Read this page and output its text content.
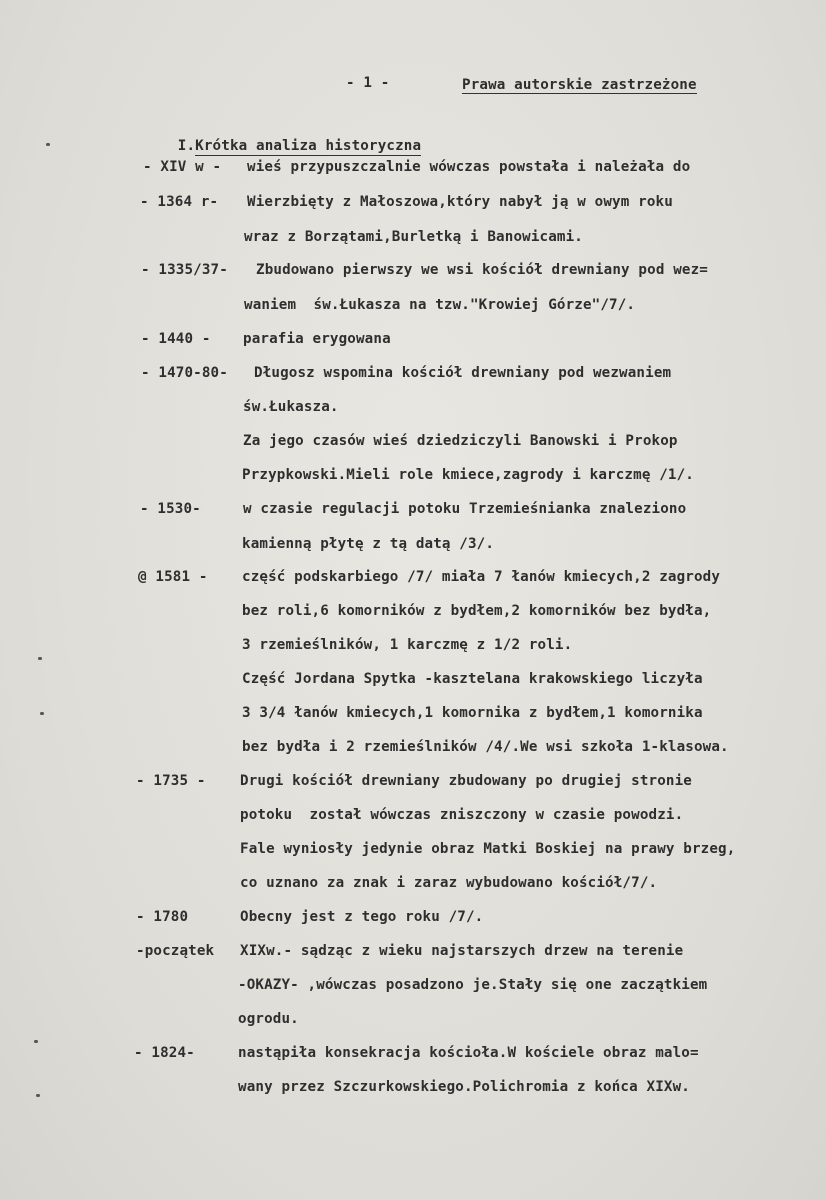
- 1 -	Prawa autorskie zastrzeżone

I.Krótka analiza historyczna

- XIV w - wieś przypuszczalnie wówczas powstała i należała do
- 1364 r- Wierzbięty z Małoszowa,który nabył ją w owym roku
wraz z Borzątami,Burletką i Banowicami.
- 1335/37- Zbudowano pierwszy we wsi kościół drewniany pod wez=
waniem  św.Łukasza na tzw."Krowiej Górze"/7/.
- 1440 - parafia erygowana
- 1470-80- Długosz wspomina kościół drewniany pod wezwaniem
św.Łukasza.
Za jego czasów wieś dziedziczyli Banowski i Prokop
Przypkowski.Mieli role kmiece,zagrody i karczmę /1/.
- 1530-	w czasie regulacji potoku Trzemieśnianka znaleziono
kamienną płytę z tą datą /3/.
@ 1581 - część podskarbiego /7/ miała 7 łanów kmiecych,2 zagrody
bez roli,6 komorników z bydłem,2 komorników bez bydła,
3 rzemieślników, 1 karczmę z 1/2 roli.
Część Jordana Spytka -kasztelana krakowskiego liczyła
3 3/4 łanów kmiecych,1 komornika z bydłem,1 komornika
bez bydła i 2 rzemieślników /4/.We wsi szkoła 1-klasowa.
- 1735 - Drugi kościół drewniany zbudowany po drugiej stronie
potoku  został wówczas zniszczony w czasie powodzi.
Fale wyniosły jedynie obraz Matki Boskiej na prawy brzeg,
co uznano za znak i zaraz wybudowano kościół/7/.
- 1780	Obecny jest z tego roku /7/.
-początek XIXw.- sądząc z wieku najstarszych drzew na terenie
-OKAZY- ,wówczas posadzono je.Stały się one zaczątkiem
ogrodu.
- 1824-	nastąpiła konsekracja kościoła.W kościele obraz malo=
wany przez Szczurkowskiego.Polichromia z końca XIXw.
